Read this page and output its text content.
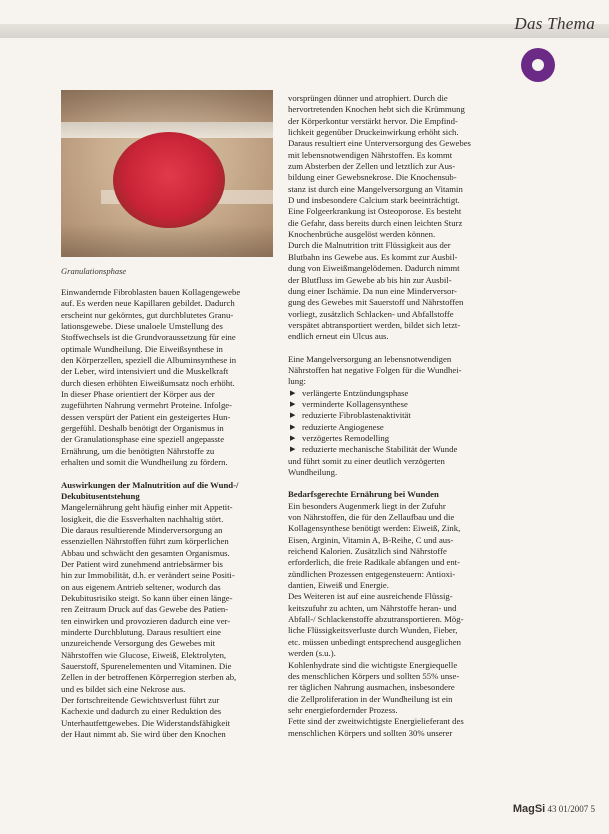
Das Thema
Granulationsphase

Einwandernde Fibroblasten bauen Kollagengewebe
auf. Es werden neue Kapillaren gebildet. Dadurch
erscheint nur gekörntes, gut durchblutetes Granu-
lationsgewebe. Diese unaloele Umstellung des
Stoffwechsels ist die Grundvoraussetzung für eine
optimale Wundheilung. Die Eiweißsynthese in
den Körperzellen, speziell die Albuminsynthese in
der Leber, wird intensiviert und die Muskelkraft
durch diesen erhöhten Eiweißumsatz noch erhöht.
In dieser Phase orientiert der Körper aus der
zugeführten Nahrung vermehrt Proteine. Infolge-
dessen verspürt der Patient ein gesteigertes Hun-
gergefühl. Deshalb benötigt der Organismus in
der Granulationsphase eine speziell angepasste
Ernährung, um die benötigten Nährstoffe zu
erhalten und somit die Wundheilung zu fördern.

Auswirkungen der Malnutrition auf die Wund-/
Dekubitusentstehung

Mangelernährung geht häufig einher mit Appetit-
losigkeit, die die Essverhalten nachhaltig stört.
Die daraus resultierende Minderversorgung an
essenziellen Nährstoffen führt zum körperlichen
Abbau und schwächt den gesamten Organismus.
Der Patient wird zunehmend antriebsärmer bis
hin zur Immobilität, d.h. er verändert seine Positi-
on aus eigenem Antrieb seltener, wodurch das
Dekubitusrisiko steigt. So kann über einen länge-
ren Zeitraum Druck auf das Gewebe des Patien-
ten einwirken und provozieren dadurch eine ver-
minderte Durchblutung. Daraus resultiert eine
unzureichende Versorgung des Gewebes mit
Nährstoffen wie Glucose, Eiweiß, Elektrolyten,
Sauerstoff, Spurenelementen und Vitaminen. Die
Zellen in der betroffenen Körperregion sterben ab,
und es bildet sich eine Nekrose aus.
Der fortschreitende Gewichtsverlust führt zur
Kachexie und dadurch zu einer Reduktion des
Unterhautfettgewebes. Die Widerstandsfähigkeit
der Haut nimmt ab. Sie wird über den Knochen

vorsprüngen dünner und atrophiert. Durch die
hervortretenden Knochen hebt sich die Krümmung
der Körperkontur verstärkt hervor. Die Empfind-
lichkeit gegenüber Druckeinwirkung erhöht sich.
Daraus resultiert eine Unterversorgung des Gewebes
mit lebensnotwendigen Nährstoffen. Es kommt
zum Absterben der Zellen und letztlich zur Aus-
bildung einer Gewebsnekrose. Die Knochensub-
stanz ist durch eine Mangelversorgung an Vitamin
D und insbesondere Calcium stark beeinträchtigt.
Eine Folgeerkrankung ist Osteoporose. Es besteht
die Gefahr, dass bereits durch einen leichten Sturz
Knochenbrüche ausgelöst werden können.
Durch die Malnutrition tritt Flüssigkeit aus der
Blutbahn ins Gewebe aus. Es kommt zur Ausbil-
dung von Eiweißmangelödemen. Dadurch nimmt
der Blutfluss im Gewebe ab bis hin zur Ausbil-
dung einer Ischämie. Da nun eine Minderversor-
gung des Gewebes mit Sauerstoff und Nährstoffen
vorliegt, zusätzlich Schlacken- und Abfallstoffe
verspätet abtransportiert werden, bildet sich letzt-
endlich erneut ein Ulcus aus.

Eine Mangelversorgung an lebensnotwendigen
Nährstoffen hat negative Folgen für die Wundhei-
lung:

▶ verlängerte Entzündungsphase
▶ verminderte Kollagensynthese
▶ reduzierte Fibroblastenaktivität
▶ reduzierte Angiogenese
▶ verzögertes Remodelling
▶ reduzierte mechanische Stabilität der Wunde

und führt somit zu einer deutlich verzögerten
Wundheilung.

Bedarfsgerechte Ernährung bei Wunden

Ein besonders Augenmerk liegt in der Zufuhr
von Nährstoffen, die für den Zellaufbau und die
Kollagensynthese benötigt werden: Eiweiß, Zink,
Eisen, Arginin, Vitamin A, B-Reihe, C und aus-
reichend Kalorien. Zusätzlich sind Nährstoffe
erforderlich, die freie Radikale abfangen und ent-
zündlichen Prozessen entgegensteuern: Antioxi-
dantien, Eiweiß und Energie.
Des Weiteren ist auf eine ausreichende Flüssig-
keitszufuhr zu achten, um Nährstoffe heran- und
Abfall-/ Schlackenstoffe abzutransportieren. Mög-
liche Flüssigkeitsverluste durch Wunden, Fieber,
etc. müssen unbedingt entsprechend ausgeglichen
werden (s.u.).
Kohlenhydrate sind die wichtigste Energiequelle
des menschlichen Körpers und sollten 55% unse-
rer täglichen Nahrung ausmachen, insbesondere
die Zellproliferation in der Wundheilung ist ein
sehr energiefordernder Prozess.
Fette sind der zweitwichtigste Energielieferant des
menschlichen Körpers und sollten 30% unserer

MagSi 43 01/2007 5
